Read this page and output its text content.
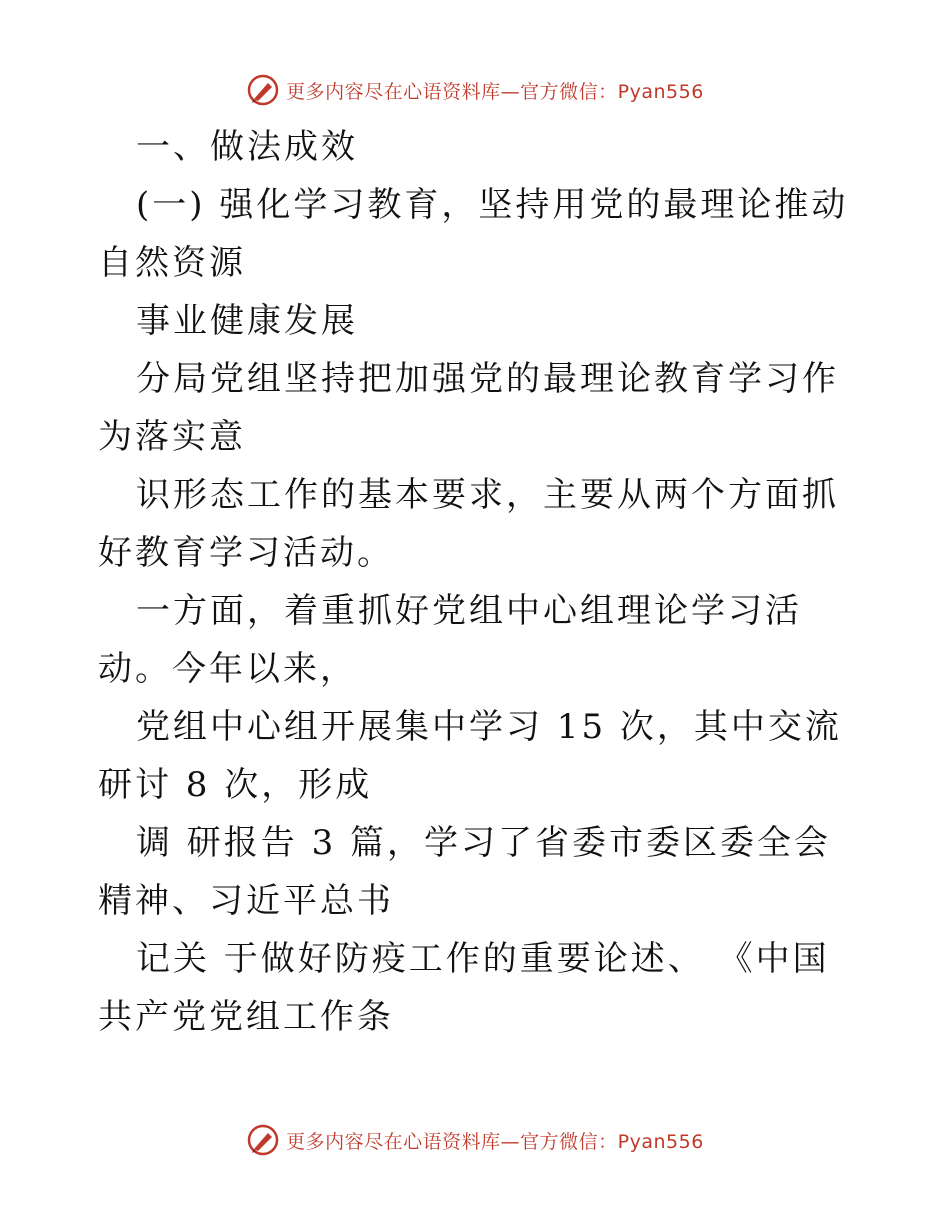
更多内容尽在心语资料库—官方微信：Pyan556

一、做法成效

(一) 强化学习教育，坚持用党的最理论推动自然资源

事业健康发展

分局党组坚持把加强党的最理论教育学习作为落实意

识形态工作的基本要求，主要从两个方面抓好教育学习活动。

一方面，着重抓好党组中心组理论学习活动。今年以来，

党组中心组开展集中学习 15 次，其中交流研讨 8 次，形成

调 研报告 3 篇，学习了省委市委区委全会精神、习近平总书

记关 于做好防疫工作的重要论述、 《中国共产党党组工作条

更多内容尽在心语资料库—官方微信：Pyan556
